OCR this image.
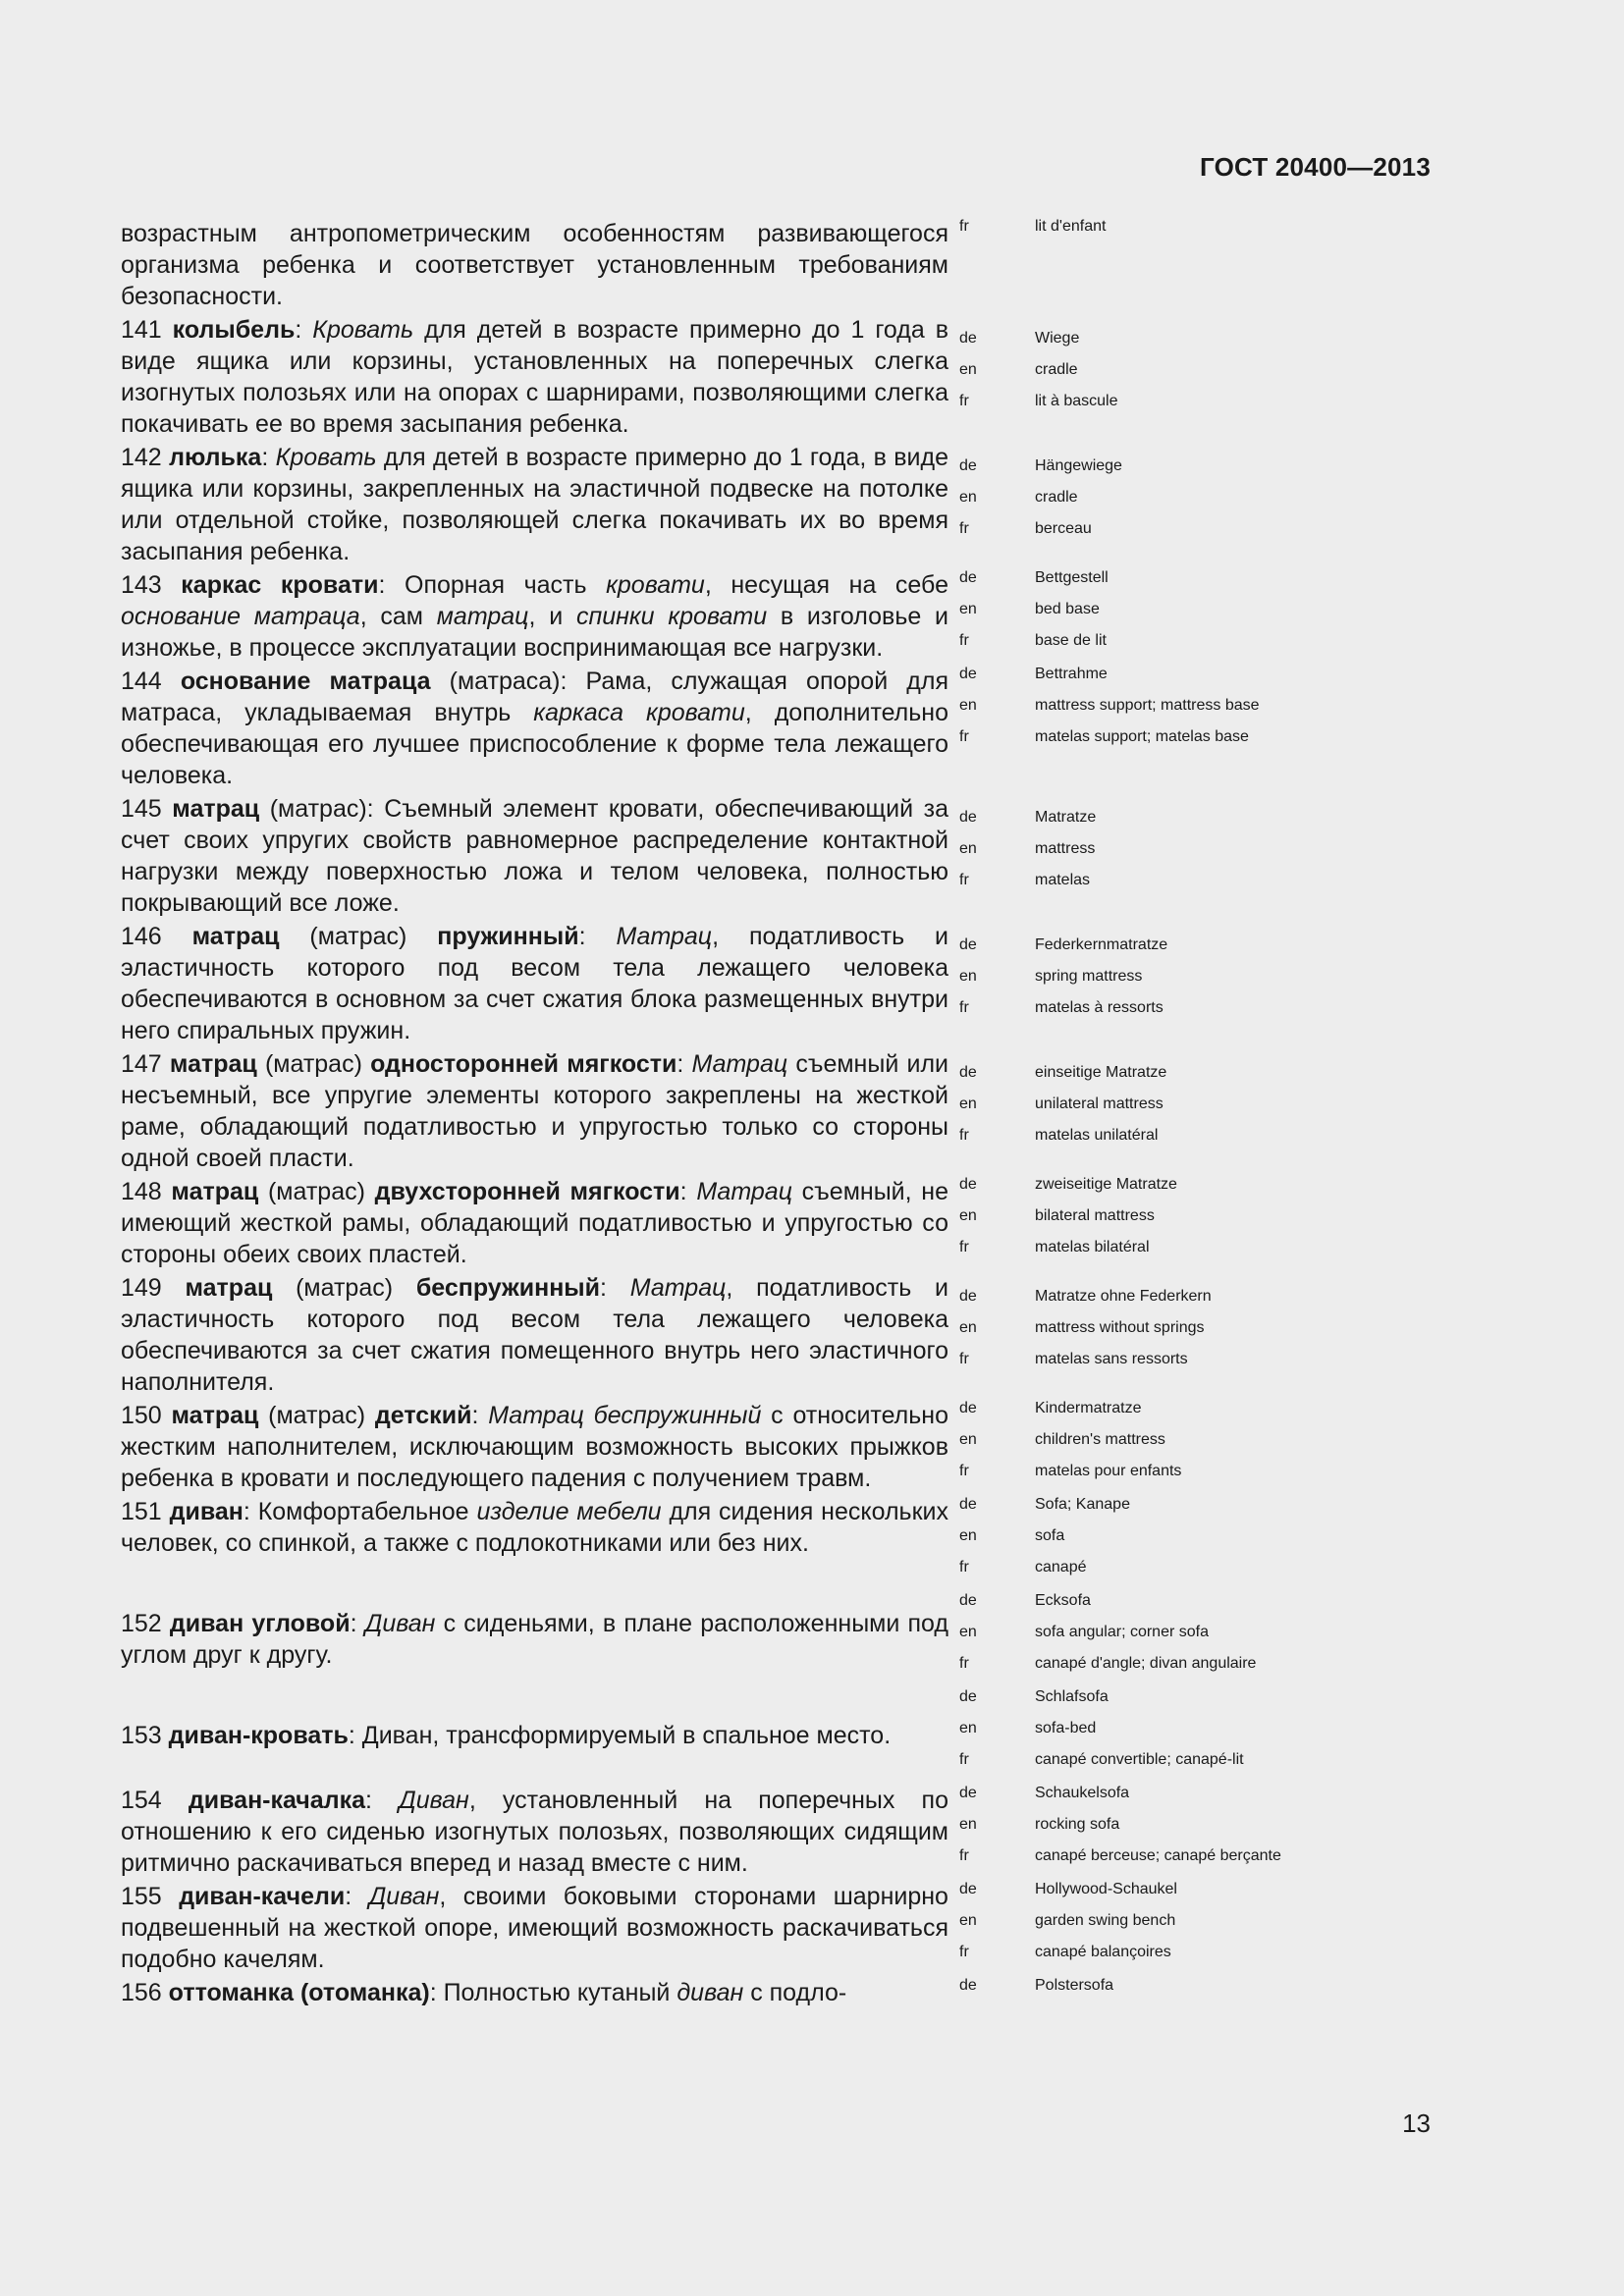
ГОСТ 20400—2013
возрастным антропометрическим особенностям развивающегося организма ребенка и соответствует установленным требованиям безопасности.
fr	lit d'enfant
141 колыбель: Кровать для детей в возрасте примерно до 1 года в виде ящика или корзины, установленных на поперечных слегка изогнутых полозьях или на опорах с шарнирами, позволяющими слегка покачивать ее во время засыпания ребенка.
de	Wiege
en	cradle
fr	lit à bascule
142 люлька: Кровать для детей в возрасте примерно до 1 года, в виде ящика или корзины, закрепленных на эластичной подвеске на потолке или отдельной стойке, позволяющей слегка покачивать их во время засыпания ребенка.
de	Hängewiege
en	cradle
fr	berceau
143 каркас кровати: Опорная часть кровати, несущая на себе основание матраца, сам матрац, и спинки кровати в изголовье и изножье, в процессе эксплуатации воспринимающая все нагрузки.
de	Bettgestell
en	bed base
fr	base de lit
144 основание матраца (матраса): Рама, служащая опорой для матраса, укладываемая внутрь каркаса кровати, дополнительно обеспечивающая его лучшее приспособление к форме тела лежащего человека.
de	Bettrahme
en	mattress support; mattress base
fr	matelas support; matelas base
145 матрац (матрас): Съемный элемент кровати, обеспечивающий за счет своих упругих свойств равномерное распределение контактной нагрузки между поверхностью ложа и телом человека, полностью покрывающий все ложе.
de	Matratze
en	mattress
fr	matelas
146 матрац (матрас) пружинный: Матрац, податливость и эластичность которого под весом тела лежащего человека обеспечиваются в основном за счет сжатия блока размещенных внутри него спиральных пружин.
de	Federkernmatratze
en	spring mattress
fr	matelas à ressorts
147 матрац (матрас) односторонней мягкости: Матрац съемный или несъемный, все упругие элементы которого закреплены на жесткой раме, обладающий податливостью и упругостью только со стороны одной своей пласти.
de	einseitige Matratze
en	unilateral mattress
fr	matelas unilatéral
148 матрац (матрас) двухсторонней мягкости: Матрац съемный, не имеющий жесткой рамы, обладающий податливостью и упругостью со стороны обеих своих пластей.
de	zweiseitige Matratze
en	bilateral mattress
fr	matelas bilatéral
149 матрац (матрас) беспружинный: Матрац, податливость и эластичность которого под весом тела лежащего человека обеспечиваются за счет сжатия помещенного внутрь него эластичного наполнителя.
de	Matratze ohne Federkern
en	mattress without springs
fr	matelas sans ressorts
150 матрац (матрас) детский: Матрац беспружинный с относительно жестким наполнителем, исключающим возможность высоких прыжков ребенка в кровати и последующего падения с получением травм.
de	Kindermatratze
en	children's mattress
fr	matelas pour enfants
151 диван: Комфортабельное изделие мебели для сидения нескольких человек, со спинкой, а также с подлокотниками или без них.
de	Sofa; Kanape
en	sofa
fr	canapé
152 диван угловой: Диван с сиденьями, в плане расположенными под углом друг к другу.
de	Ecksofa
en	sofa angular; corner sofa
fr	canapé d'angle; divan angulaire
153 диван-кровать: Диван, трансформируемый в спальное место.
de	Schlafsofa
en	sofa-bed
fr	canapé convertible; canapé-lit
154 диван-качалка: Диван, установленный на поперечных по отношению к его сиденью изогнутых полозьях, позволяющих сидящим ритмично раскачиваться вперед и назад вместе с ним.
de	Schaukelsofa
en	rocking sofa
fr	canapé berceuse; canapé berçante
155 диван-качели: Диван, своими боковыми сторонами шарнирно подвешенный на жесткой опоре, имеющий возможность раскачиваться подобно качелям.
de	Hollywood-Schaukel
en	garden swing bench
fr	canapé balançoires
156 оттоманка (отоманка): Полностью кутаный диван с подло-	de	Polstersofa
13
